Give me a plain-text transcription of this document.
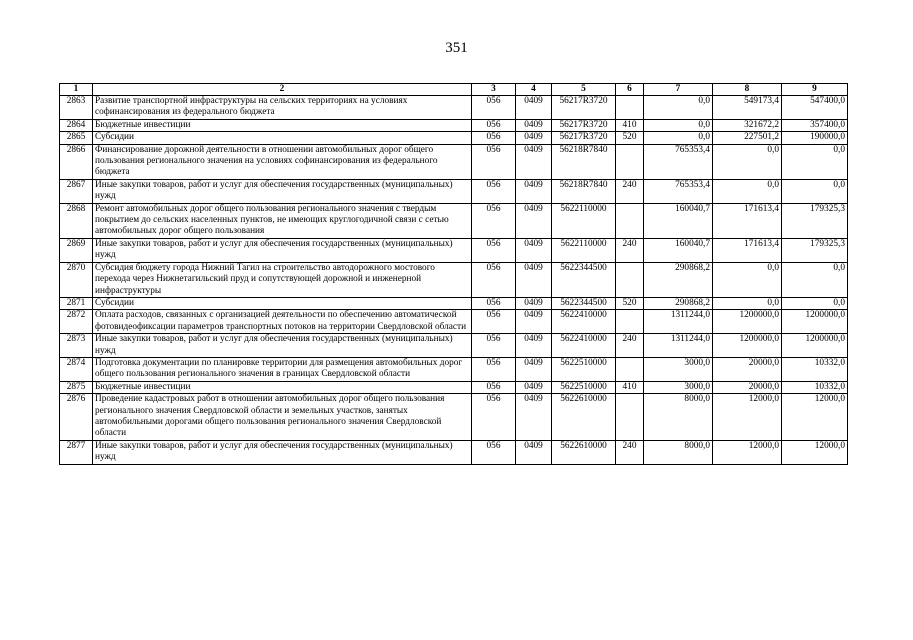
351
1	2	3	4	5	6	7	8	9
2863	Развитие транспортной инфраструктуры на сельских территориях на условиях софинансирования из федерального бюджета	056	0409	56217R3720		0,0	549173,4	547400,0
2864	Бюджетные инвестиции	056	0409	56217R3720	410	0,0	321672,2	357400,0
2865	Субсидии	056	0409	56217R3720	520	0,0	227501,2	190000,0
2866	Финансирование дорожной деятельности в отношении автомобильных дорог общего пользования регионального значения на условиях софинансирования из федерального бюджета	056	0409	56218R7840		765353,4	0,0	0,0
2867	Иные закупки товаров, работ и услуг для обеспечения государственных (муниципальных) нужд	056	0409	56218R7840	240	765353,4	0,0	0,0
2868	Ремонт автомобильных дорог общего пользования регионального значения с твердым покрытием до сельских населенных пунктов, не имеющих круглогодичной связи с сетью автомобильных дорог общего пользования	056	0409	5622110000		160040,7	171613,4	179325,3
2869	Иные закупки товаров, работ и услуг для обеспечения государственных (муниципальных) нужд	056	0409	5622110000	240	160040,7	171613,4	179325,3
2870	Субсидия бюджету города Нижний Тагил на строительство автодорожного мостового перехода через Нижнетагильский пруд и сопутствующей дорожной и инженерной инфраструктуры	056	0409	5622344500		290868,2	0,0	0,0
2871	Субсидии	056	0409	5622344500	520	290868,2	0,0	0,0
2872	Оплата расходов, связанных с организацией деятельности по обеспечению автоматической фотовидеофиксации параметров транспортных потоков на территории Свердловской области	056	0409	5622410000		1311244,0	1200000,0	1200000,0
2873	Иные закупки товаров, работ и услуг для обеспечения государственных (муниципальных) нужд	056	0409	5622410000	240	1311244,0	1200000,0	1200000,0
2874	Подготовка документации по планировке территории для размещения автомобильных дорог общего пользования регионального значения в границах Свердловской области	056	0409	5622510000		3000,0	20000,0	10332,0
2875	Бюджетные инвестиции	056	0409	5622510000	410	3000,0	20000,0	10332,0
2876	Проведение кадастровых работ в отношении автомобильных дорог общего пользования регионального значения Свердловской области и земельных участков, занятых автомобильными дорогами общего пользования регионального значения Свердловской области	056	0409	5622610000		8000,0	12000,0	12000,0
2877	Иные закупки товаров, работ и услуг для обеспечения государственных (муниципальных) нужд	056	0409	5622610000	240	8000,0	12000,0	12000,0
